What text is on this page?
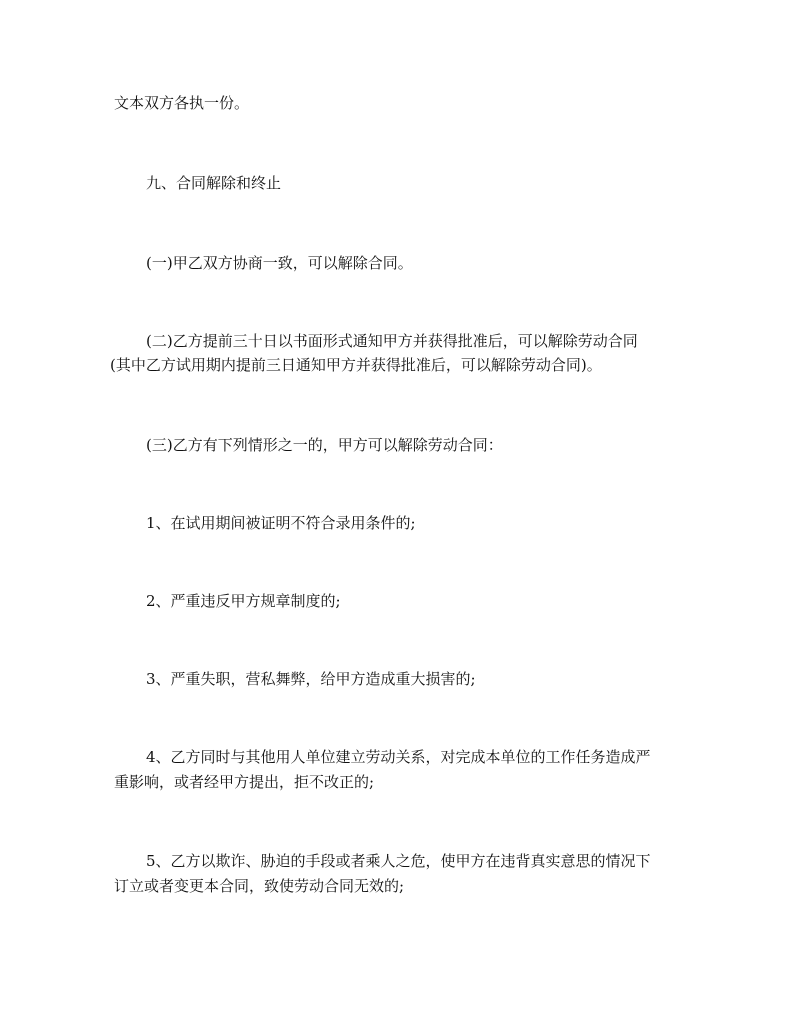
文本双方各执一份。
九、合同解除和终止
(一)甲乙双方协商一致，可以解除合同。
(二)乙方提前三十日以书面形式通知甲方并获得批准后，可以解除劳动合同
(其中乙方试用期内提前三日通知甲方并获得批准后，可以解除劳动合同)。
(三)乙方有下列情形之一的，甲方可以解除劳动合同：
1、在试用期间被证明不符合录用条件的;
2、严重违反甲方规章制度的;
3、严重失职，营私舞弊，给甲方造成重大损害的;
4、乙方同时与其他用人单位建立劳动关系，对完成本单位的工作任务造成严
重影响，或者经甲方提出，拒不改正的;
5、乙方以欺诈、胁迫的手段或者乘人之危，使甲方在违背真实意思的情况下
订立或者变更本合同，致使劳动合同无效的;
